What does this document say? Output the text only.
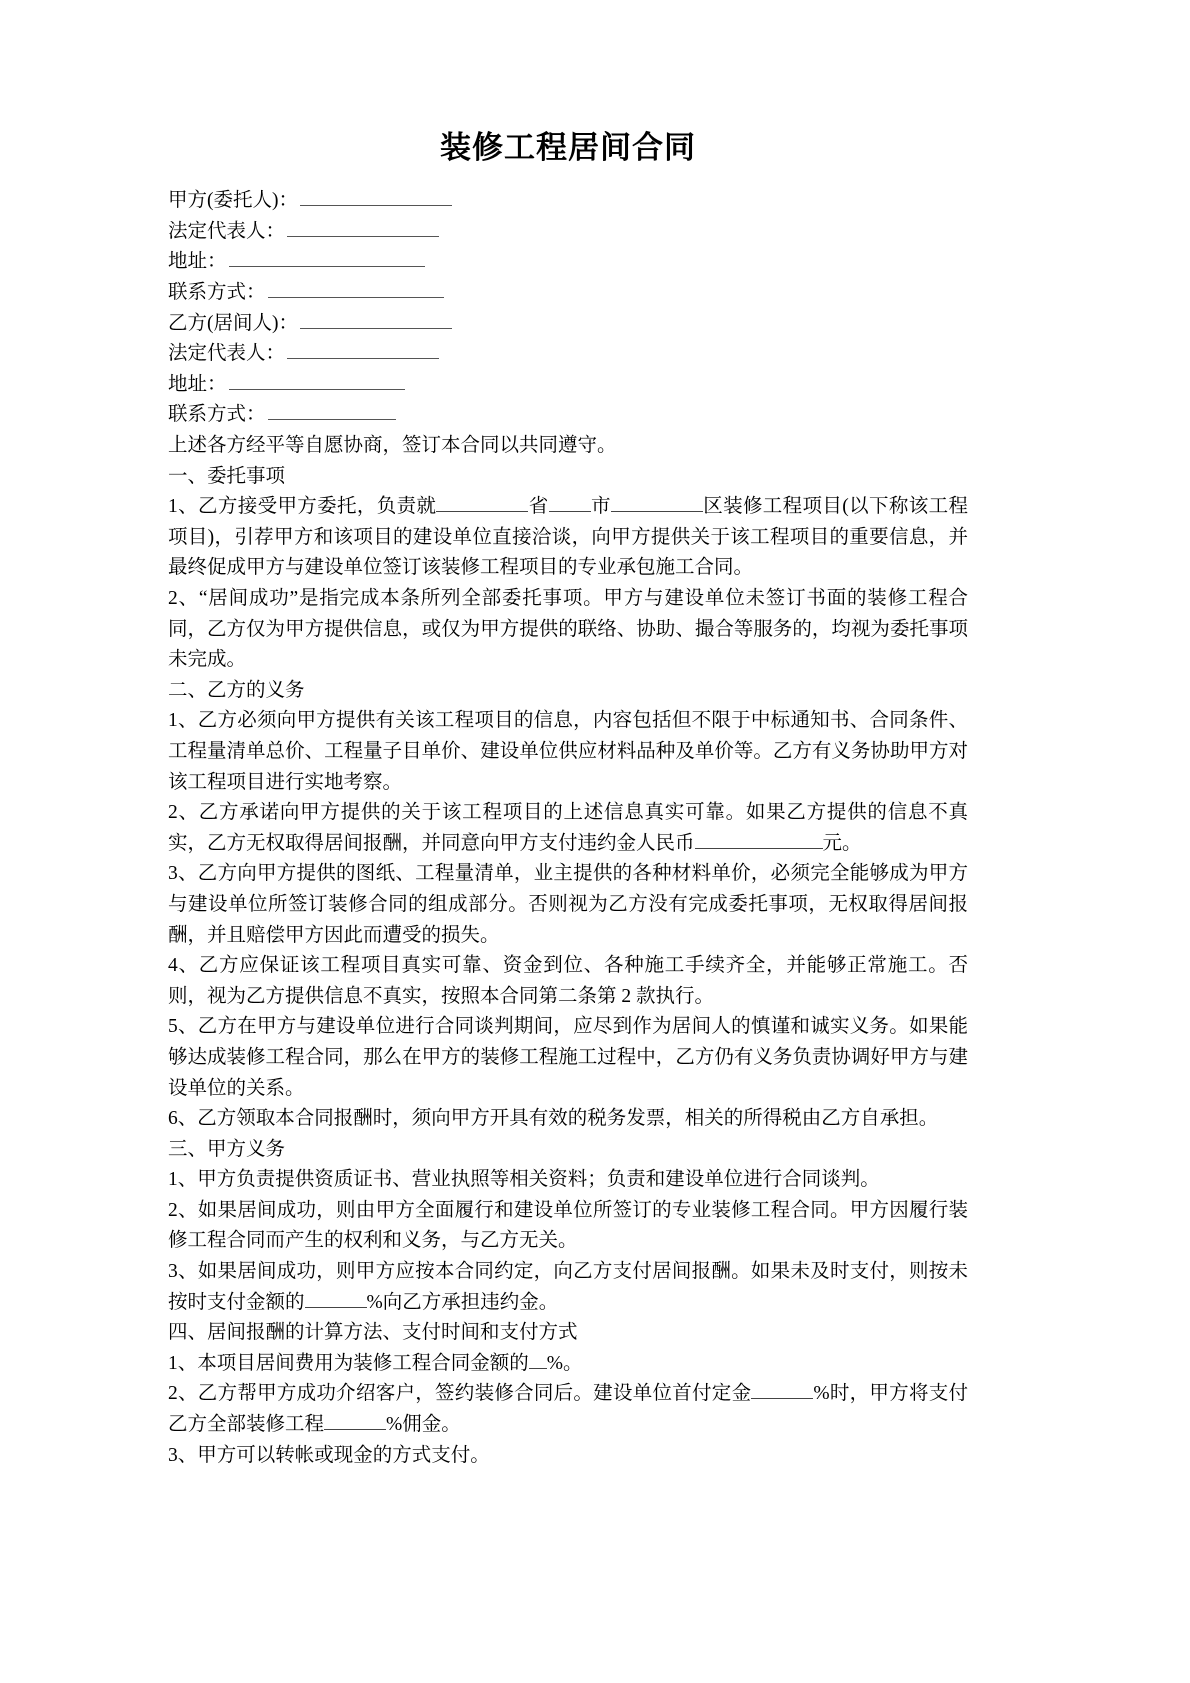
装修工程居间合同
甲方(委托人)：
法定代表人：
地址：
联系方式：
乙方(居间人)：
法定代表人：
地址：
联系方式：

上述各方经平等自愿协商，签订本合同以共同遵守。

一、委托事项

1、乙方接受甲方委托，负责就	省 市	区装修工程项目(以下称该工程项目)，引荐甲方和该项目的建设单位直接洽谈，向甲方提供关于该工程项目的重要信息，并最终促成甲方与建设单位签订该装修工程项目的专业承包施工合同。

2、“居间成功”是指完成本条所列全部委托事项。甲方与建设单位未签订书面的装修工程合同，乙方仅为甲方提供信息，或仅为甲方提供的联络、协助、撮合等服务的，均视为委托事项未完成。

二、乙方的义务

1、乙方必须向甲方提供有关该工程项目的信息，内容包括但不限于中标通知书、合同条件、工程量清单总价、工程量子目单价、建设单位供应材料品种及单价等。乙方有义务协助甲方对该工程项目进行实地考察。

2、乙方承诺向甲方提供的关于该工程项目的上述信息真实可靠。如果乙方提供的信息不真实，乙方无权取得居间报酬，并同意向甲方支付违约金人民币	元。

3、乙方向甲方提供的图纸、工程量清单，业主提供的各种材料单价，必须完全能够成为甲方与建设单位所签订装修合同的组成部分。否则视为乙方没有完成委托事项，无权取得居间报酬，并且赔偿甲方因此而遭受的损失。

4、乙方应保证该工程项目真实可靠、资金到位、各种施工手续齐全，并能够正常施工。否则，视为乙方提供信息不真实，按照本合同第二条第 2 款执行。

5、乙方在甲方与建设单位进行合同谈判期间，应尽到作为居间人的慎谨和诚实义务。如果能够达成装修工程合同，那么在甲方的装修工程施工过程中，乙方仍有义务负责协调好甲方与建设单位的关系。

6、乙方领取本合同报酬时，须向甲方开具有效的税务发票，相关的所得税由乙方自承担。

三、甲方义务

1、甲方负责提供资质证书、营业执照等相关资料；负责和建设单位进行合同谈判。

2、如果居间成功，则由甲方全面履行和建设单位所签订的专业装修工程合同。甲方因履行装修工程合同而产生的权利和义务，与乙方无关。

3、如果居间成功，则甲方应按本合同约定，向乙方支付居间报酬。如果未及时支付，则按未按时支付金额的	%向乙方承担违约金。

四、居间报酬的计算方法、支付时间和支付方式

1、本项目居间费用为装修工程合同金额的 %。

2、乙方帮甲方成功介绍客户，签约装修合同后。建设单位首付定金	%时，甲方将支付乙方全部装修工程	%佣金。

3、甲方可以转帐或现金的方式支付。
